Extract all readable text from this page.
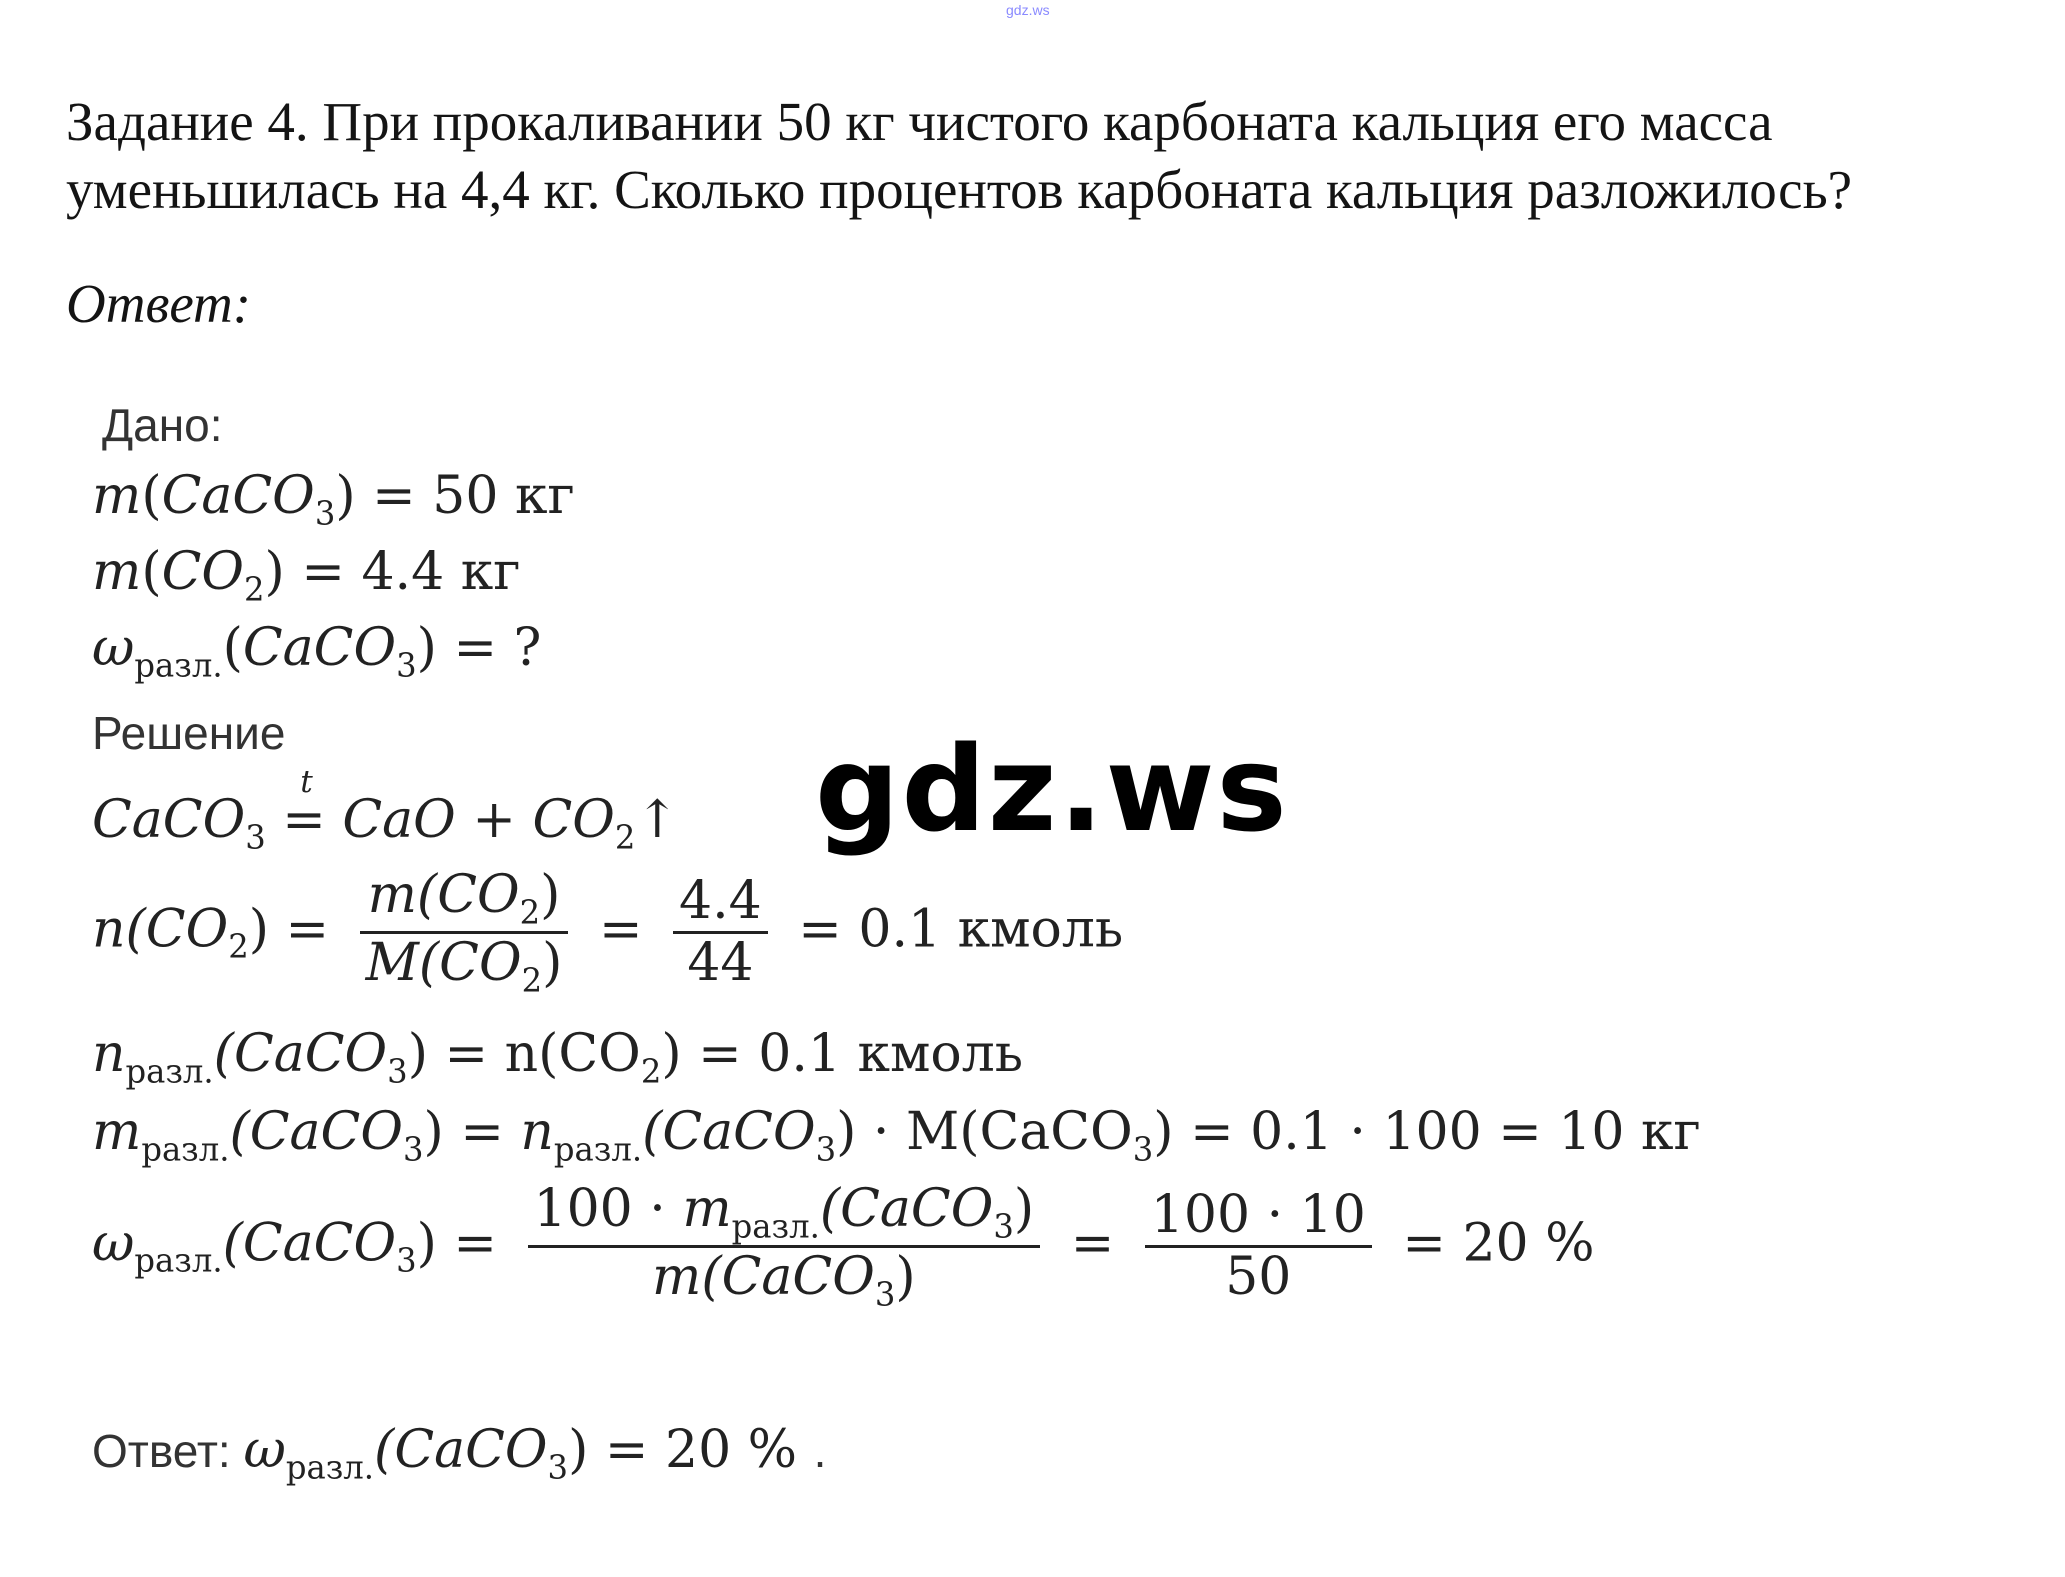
gdz.ws
Задание 4. При прокаливании 50 кг чистого карбоната кальция его масса уменьшилась на 4,4 кг. Сколько процентов карбоната кальция разложилось?
Ответ:
Дано:
m(CaCO$_3$) = 50 кг
$m(CO_2) = 4.4$ кг
$\omega_{разл.}(CaCO_3)$ = ?
Решение
CaCO$_3$ =
t
CaO + $CO_2↑$
$n(CO_2) = \frac{m(CO_2)}{M(CO_2)} = \frac{4.4}{44} = 0.1$ кмоль
$n_{разл.}(CaCO_3) = n(CO_2) = 0.1$ кмоль
$m_{разл.}(CaCO_3)$ = $n_{разл.}(CaCO_3)$ · M(CaCO$_3$) = 0.1 · 100 = 10 кг
$\omega_{разл.}(CaCO_3) = \frac{100 \cdot m_{разл.}(CaCO_3)}{m(CaCO_3)} = \frac{100 \cdot 10}{50} = 20$ %
Ответ: $\omega_{разл.}(CaCO_3) = 20$ % .
gdz.ws
